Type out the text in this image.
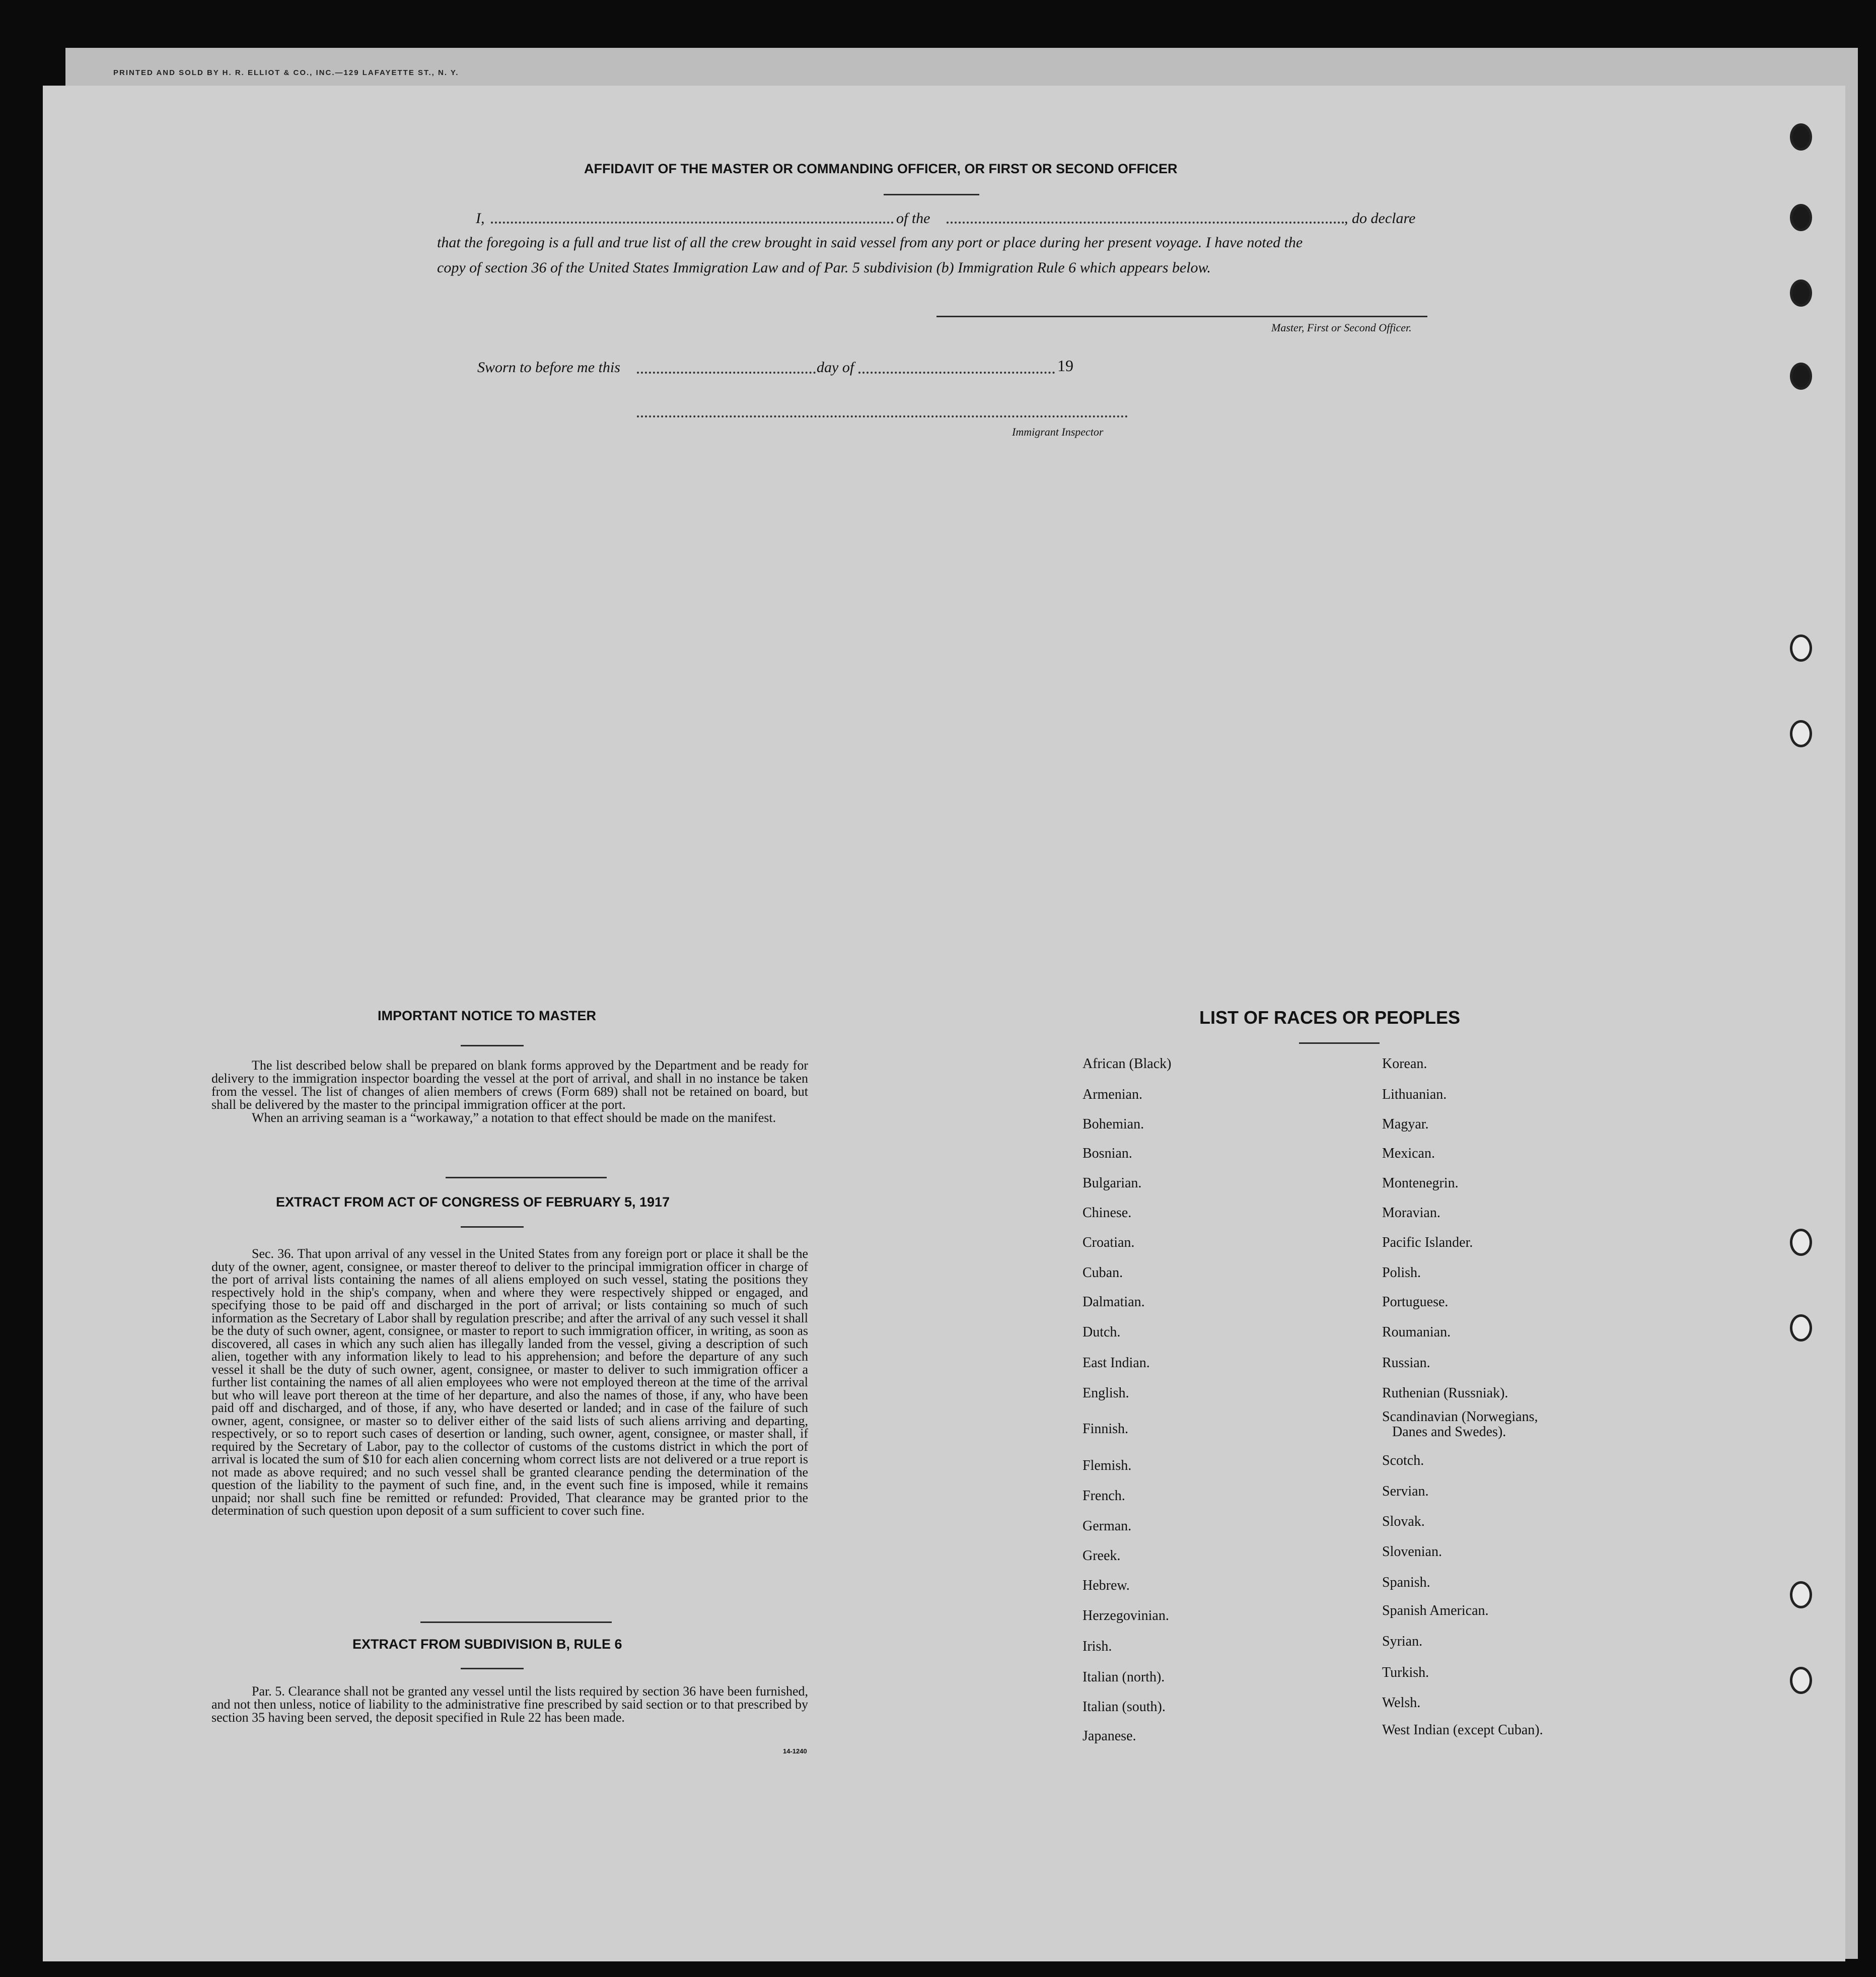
PRINTED AND SOLD BY H. R. ELLIOT & CO., INC.—129 LAFAYETTE ST., N. Y.
AFFIDAVIT OF THE MASTER OR COMMANDING OFFICER, OR FIRST OR SECOND OFFICER
I,	of the	, do declare
that the foregoing is a full and true list of all the crew brought in said vessel from any port or place during her present voyage. I have noted the
copy of section 36 of the United States Immigration Law and of Par. 5 subdivision (b) Immigration Rule 6 which appears below.
Master, First or Second Officer.
Sworn to before me this	day of	19
Immigrant Inspector
IMPORTANT NOTICE TO MASTER

The list described below shall be prepared on blank forms approved by the Department and be ready for delivery to the immigration inspector boarding the vessel at the port of arrival, and shall in no instance be taken from the vessel. The list of changes of alien members of crews (Form 689) shall not be retained on board, but shall be delivered by the master to the principal immigration officer at the port.

When an arriving seaman is a “workaway,” a notation to that effect should be made on the manifest.

EXTRACT FROM ACT OF CONGRESS OF FEBRUARY 5, 1917

Sec. 36. That upon arrival of any vessel in the United States from any foreign port or place it shall be the duty of the owner, agent, consignee, or master thereof to deliver to the principal immigration officer in charge of the port of arrival lists containing the names of all aliens employed on such vessel, stating the positions they respectively hold in the ship's company, when and where they were respectively shipped or engaged, and specifying those to be paid off and discharged in the port of arrival; or lists containing so much of such information as the Secretary of Labor shall by regulation prescribe; and after the arrival of any such vessel it shall be the duty of such owner, agent, consignee, or master to report to such immigration officer, in writing, as soon as discovered, all cases in which any such alien has illegally landed from the vessel, giving a description of such alien, together with any information likely to lead to his apprehension; and before the departure of any such vessel it shall be the duty of such owner, agent, consignee, or master to deliver to such immigration officer a further list containing the names of all alien employees who were not employed thereon at the time of the arrival but who will leave port thereon at the time of her departure, and also the names of those, if any, who have been paid off and discharged, and of those, if any, who have deserted or landed; and in case of the failure of such owner, agent, consignee, or master so to deliver either of the said lists of such aliens arriving and departing, respectively, or so to report such cases of desertion or landing, such owner, agent, consignee, or master shall, if required by the Secretary of Labor, pay to the collector of customs of the customs district in which the port of arrival is located the sum of $10 for each alien concerning whom correct lists are not delivered or a true report is not made as above required; and no such vessel shall be granted clearance pending the determination of the question of the liability to the payment of such fine, and, in the event such fine is imposed, while it remains unpaid; nor shall such fine be remitted or refunded: Provided, That clearance may be granted prior to the determination of such question upon deposit of a sum sufficient to cover such fine.

EXTRACT FROM SUBDIVISION B, RULE 6

Par. 5. Clearance shall not be granted any vessel until the lists required by section 36 have been furnished, and not then unless, notice of liability to the administrative fine prescribed by said section or to that prescribed by section 35 having been served, the deposit specified in Rule 22 has been made.

14-1240
LIST OF RACES OR PEOPLES
African (Black)
Armenian.
Bohemian.
Bosnian.
Bulgarian.
Chinese.
Croatian.
Cuban.
Dalmatian.
Dutch.
East Indian.
English.
Finnish.
Flemish.
French.
German.
Greek.
Hebrew.
Herzegovinian.
Irish.
Italian (north).
Italian (south).
Japanese.
Korean.
Lithuanian.
Magyar.
Mexican.
Montenegrin.
Moravian.
Pacific Islander.
Polish.
Portuguese.
Roumanian.
Russian.
Ruthenian (Russniak).
Scandinavian (Norwegians,
Danes and Swedes).
Scotch.
Servian.
Slovak.
Slovenian.
Spanish.
Spanish American.
Syrian.
Turkish.
Welsh.
West Indian (except Cuban).
